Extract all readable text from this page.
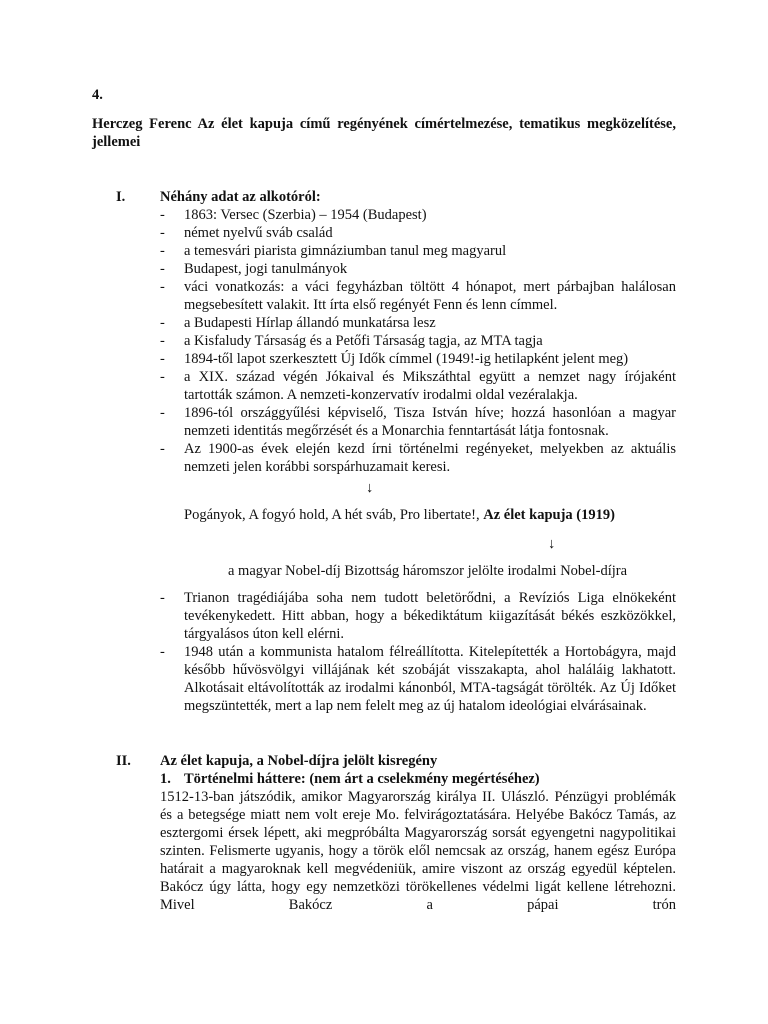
4.
Herczeg Ferenc Az élet kapuja című regényének címértelmezése, tematikus megközelítése, jellemei
I. Néhány adat az alkotóról:
- 1863: Versec (Szerbia) – 1954 (Budapest)
- német nyelvű sváb család
- a temesvári piarista gimnáziumban tanul meg magyarul
- Budapest, jogi tanulmányok
- váci vonatkozás: a váci fegyházban töltött 4 hónapot, mert párbajban halálosan megsebesített valakit. Itt írta első regényét Fenn és lenn címmel.
- a Budapesti Hírlap állandó munkatársa lesz
- a Kisfaludy Társaság és a Petőfi Társaság tagja, az MTA tagja
- 1894-től lapot szerkesztett Új Idők címmel (1949!-ig hetilapként jelent meg)
- a XIX. század végén Jókaival és Mikszáthtal együtt a nemzet nagy írójaként tartották számon. A nemzeti-konzervatív irodalmi oldal vezéralakja.
- 1896-tól országgyűlési képviselő, Tisza István híve; hozzá hasonlóan a magyar nemzeti identitás megőrzését és a Monarchia fenntartását látja fontosnak.
- Az 1900-as évek elején kezd írni történelmi regényeket, melyekben az aktuális nemzeti jelen korábbi sorspárhuzamait keresi.
↓
Pogányok, A fogyó hold, A hét sváb, Pro libertate!, Az élet kapuja (1919)
↓
a magyar Nobel-díj Bizottság háromszor jelölte irodalmi Nobel-díjra
- Trianon tragédiájába soha nem tudott beletörődni, a Revíziós Liga elnökeként tevékenykedett. Hitt abban, hogy a békediktátum kiigazítását békés eszközökkel, tárgyalásos úton kell elérni.
- 1948 után a kommunista hatalom félreállította. Kitelepítették a Hortobágyra, majd később hűvösvölgyi villájának két szobáját visszakapta, ahol haláláig lakhatott. Alkotásait eltávolították az irodalmi kánonból, MTA-tagságát törölték. Az Új Időket megszüntették, mert a lap nem felelt meg az új hatalom ideológiai elvárásainak.
II. Az élet kapuja, a Nobel-díjra jelölt kisregény
1. Történelmi háttere: (nem árt a cselekmény megértéséhez)
1512-13-ban játszódik, amikor Magyarország királya II. Ulászló. Pénzügyi problémák és a betegsége miatt nem volt ereje Mo. felvirágoztatására. Helyébe Bakócz Tamás, az esztergomi érsek lépett, aki megpróbálta Magyarország sorsát egyengetni nagypolitikai szinten. Felismerte ugyanis, hogy a török elől nemcsak az ország, hanem egész Európa határait a magyaroknak kell megvédeniük, amire viszont az ország egyedül képtelen. Bakócz úgy látta, hogy egy nemzetközi törökellenes védelmi ligát kellene létrehozni. Mivel Bakócz a pápai trón
